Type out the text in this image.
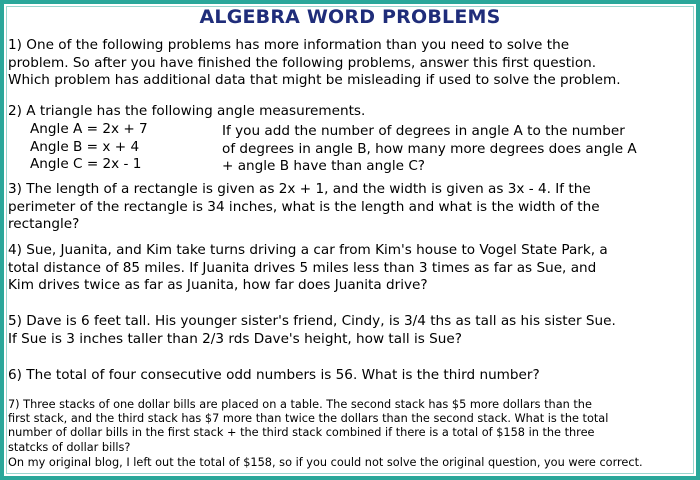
ALGEBRA WORD PROBLEMS
1) One of the following problems has more information than you need to solve the
problem. So after you have finished the following problems, answer this first question.
Which problem has additional data that might be misleading if used to solve the problem.
2) A triangle has the following angle measurements.
Angle A = 2x + 7
Angle B = x + 4
Angle C = 2x - 1
If you add the number of degrees in angle A to the number
of degrees in angle B, how many more degrees does angle A
+ angle B have than angle C?
3) The length of a rectangle is given as 2x + 1, and the width is given as 3x - 4. If the
perimeter of the rectangle is 34 inches, what is the length and what is the width of the
rectangle?
4) Sue, Juanita, and Kim take turns driving a car from Kim's house to Vogel State Park, a
total distance of 85 miles. If Juanita drives 5 miles less than 3 times as far as Sue, and
Kim drives twice as far as Juanita, how far does Juanita drive?
5) Dave is 6 feet tall. His younger sister's friend, Cindy, is 3/4 ths as tall as his sister Sue.
If Sue is 3 inches taller than 2/3 rds Dave's height, how tall is Sue?
6) The total of four consecutive odd numbers is 56. What is the third number?
7) Three stacks of one dollar bills are placed on a table. The second stack has $5 more dollars than the
first stack, and the third stack has $7 more than twice the dollars than the second stack. What is the total
number of dollar bills in the first stack + the third stack combined if there is a total of $158 in the three
statcks of dollar bills?
On my original blog, I left out the total of $158, so if you could not solve the original question, you were correct.
